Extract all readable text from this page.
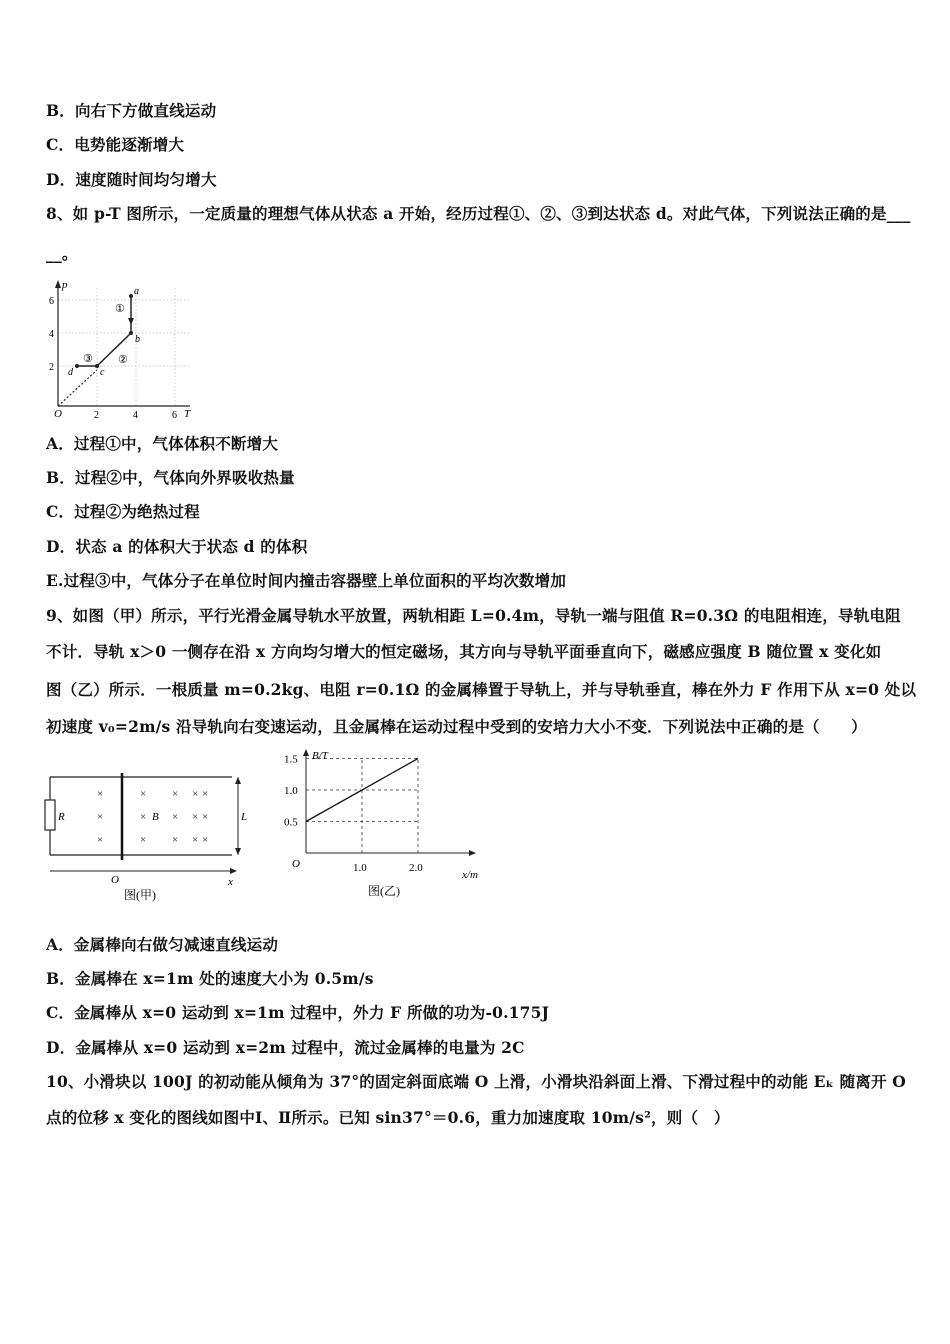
B．向右下方做直线运动
C．电势能逐渐增大
D．速度随时间均匀增大
8、如 p-T 图所示，一定质量的理想气体从状态 a 开始，经历过程①、②、③到达状态 d。对此气体，下列说法正确的是___
__。
p
T
O
2
4
6
2	4	6
a
b
c
d
①
②
③
A．过程①中，气体体积不断增大
B．过程②中，气体向外界吸收热量
C．过程②为绝热过程
D．状态 a 的体积大于状态 d 的体积
E.过程③中，气体分子在单位时间内撞击容器壁上单位面积的平均次数增加
9、如图（甲）所示，平行光滑金属导轨水平放置，两轨相距 L=0.4m，导轨一端与阻值 R=0.3Ω 的电阻相连，导轨电阻
不计．导轨 x＞0 一侧存在沿 x 方向均匀增大的恒定磁场，其方向与导轨平面垂直向下，磁感应强度 B 随位置 x 变化如
图（乙）所示．一根质量 m=0.2kg、电阻 r=0.1Ω 的金属棒置于导轨上，并与导轨垂直，棒在外力 F 作用下从 x=0 处以
初速度 v₀=2m/s 沿导轨向右变速运动，且金属棒在运动过程中受到的安培力大小不变．下列说法中正确的是（　　）
R
×
×
×
× × × ×
× × × ×
× × × ×
B	L
O	x
图(甲)
B/T
x/m
O
0.5
1.0
1.5
1.0	2.0
图(乙)
A．金属棒向右做匀减速直线运动
B．金属棒在 x=1m 处的速度大小为 0.5m/s
C．金属棒从 x=0 运动到 x=1m 过程中，外力 F 所做的功为-0.175J
D．金属棒从 x=0 运动到 x=2m 过程中，流过金属棒的电量为 2C
10、小滑块以 100J 的初动能从倾角为 37°的固定斜面底端 O 上滑，小滑块沿斜面上滑、下滑过程中的动能 Eₖ 随离开 O
点的位移 x 变化的图线如图中Ⅰ、Ⅱ所示。已知 sin37°＝0.6，重力加速度取 10m/s²，则（　）
